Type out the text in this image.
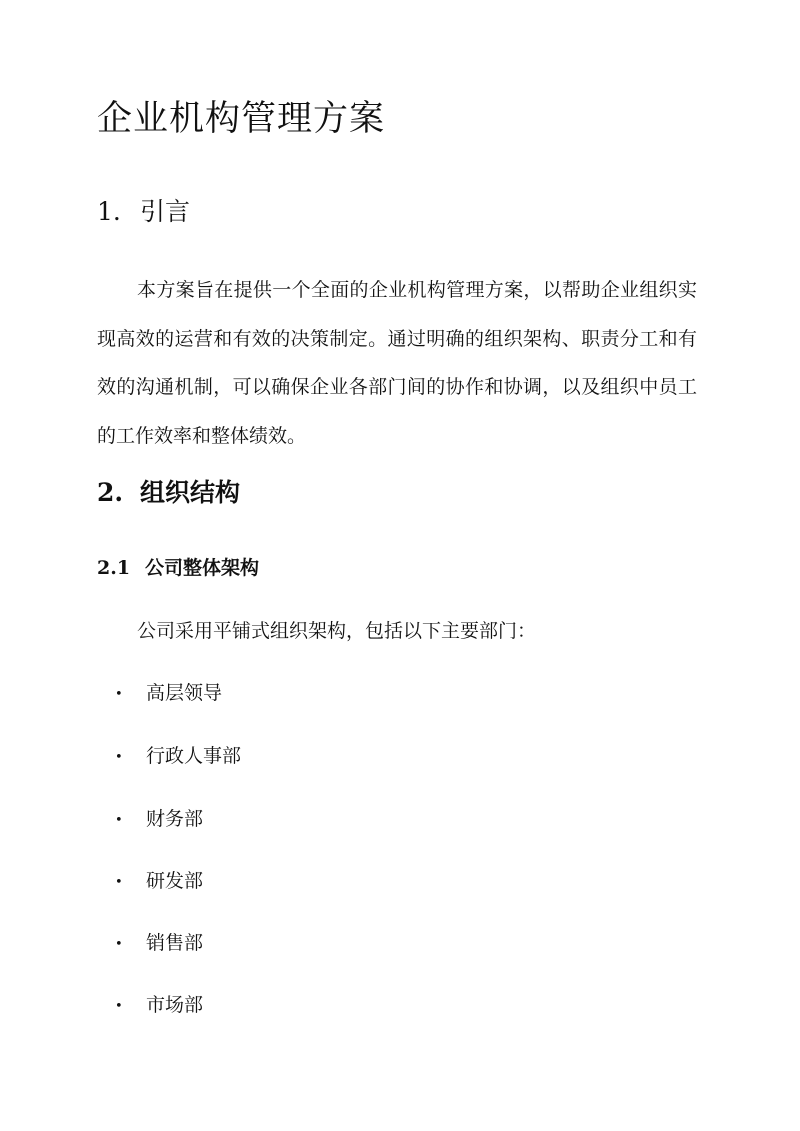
企业机构管理方案
1. 引言

本方案旨在提供一个全面的企业机构管理方案，以帮助企业组织实现高效的运营和有效的决策制定。通过明确的组织架构、职责分工和有效的沟通机制，可以确保企业各部门间的协作和协调，以及组织中员工的工作效率和整体绩效。

2. 组织结构
2.1 公司整体架构

公司采用平铺式组织架构，包括以下主要部门：

• 高层领导
• 行政人事部
• 财务部
• 研发部
• 销售部
• 市场部
